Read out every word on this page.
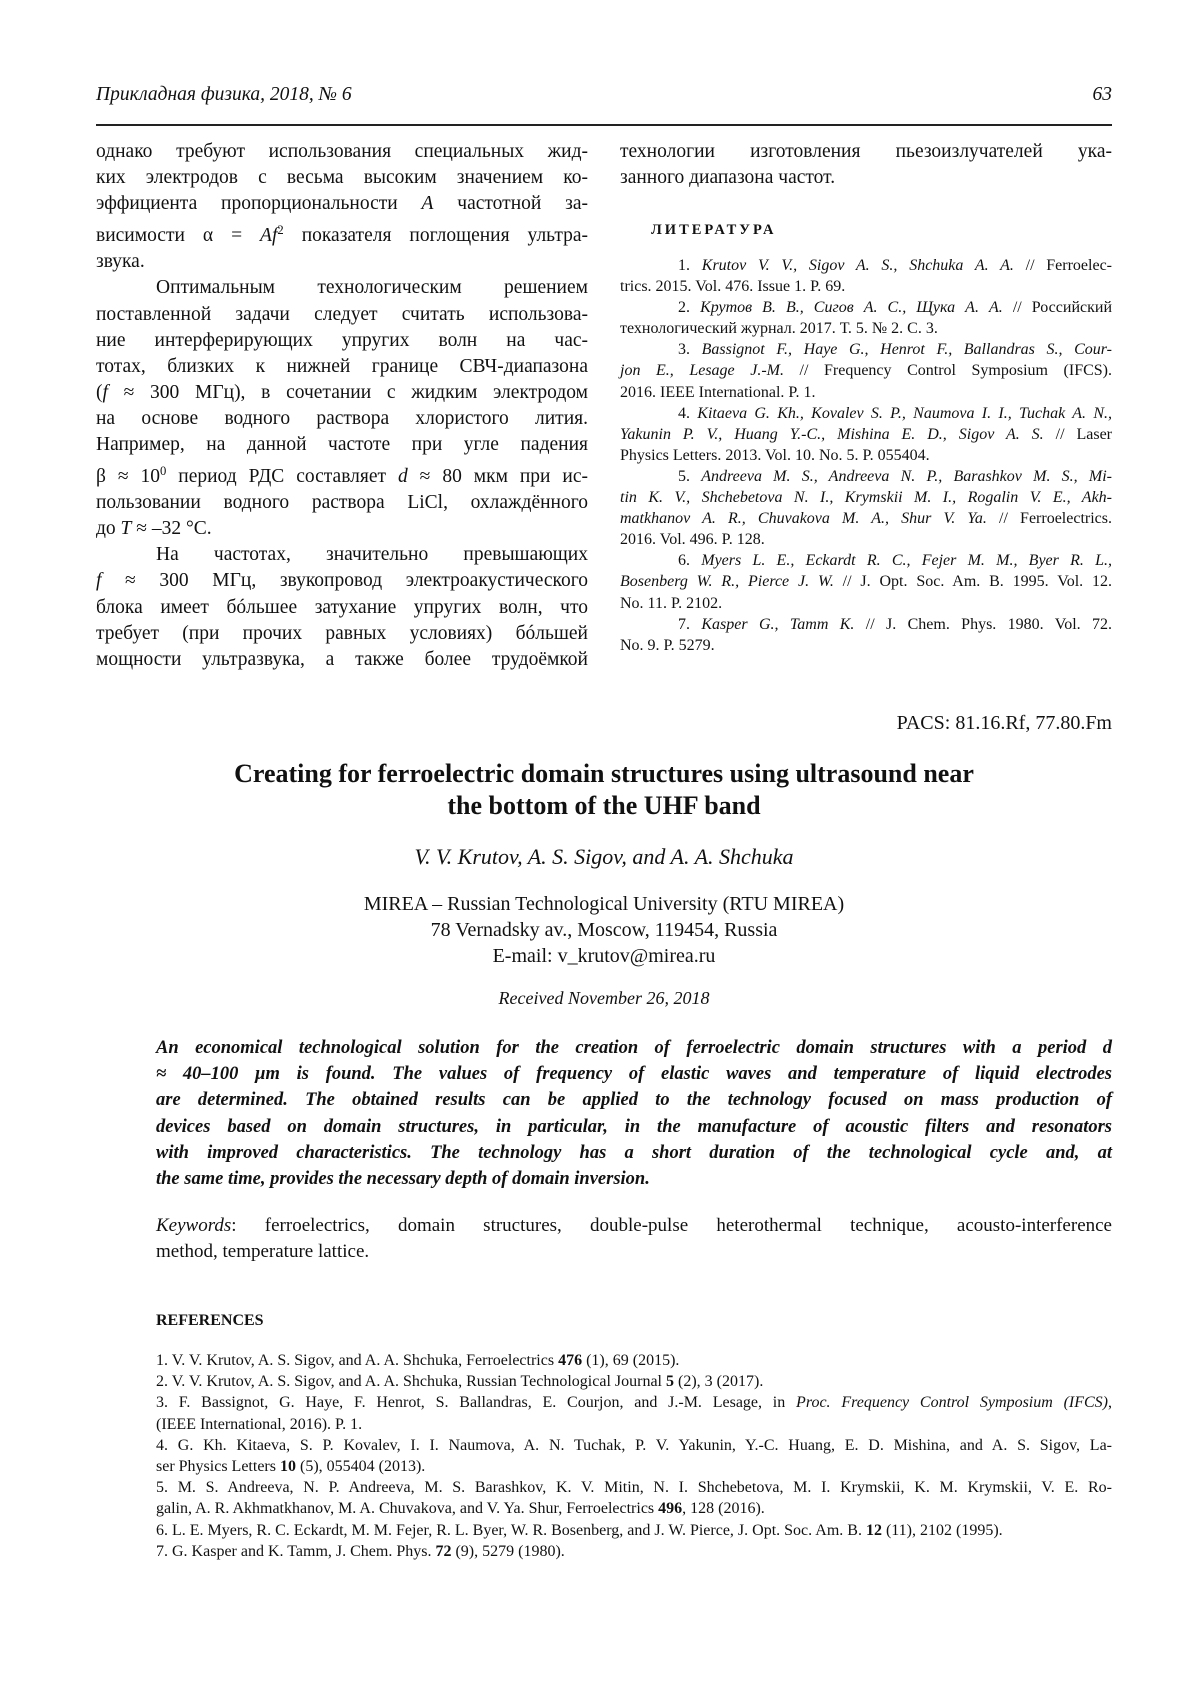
Прикладная физика, 2018, № 6	63
однако требуют использования специальных жид-
ких электродов с весьма высоким значением ко-
эффициента пропорциональности A частотной за-
висимости α = Af2 показателя поглощения ультра-
звука.
Оптимальным технологическим решением
поставленной задачи следует считать использова-
ние интерферирующих упругих волн на час-
тотах, близких к нижней границе СВЧ-диапазона
(f ≈ 300 МГц), в сочетании с жидким электродом
на основе водного раствора хлористого лития.
Например, на данной частоте при угле падения
β ≈ 100 период РДС составляет d ≈ 80 мкм при ис-
пользовании водного раствора LiCl, охлаждённого
до T ≈ –32 °C.
На частотах, значительно превышающих
f ≈ 300 МГц, звукопровод электроакустического
блока имеет бóльшее затухание упругих волн, что
требует (при прочих равных условиях) бóльшей
мощности ультразвука, а также более трудоёмкой
технологии изготовления пьезоизлучателей ука-
занного диапазона частот.
ЛИТЕРАТУРА
1. Krutov V. V., Sigov A. S., Shchuka A. A. // Ferroelec-
trics. 2015. Vol. 476. Issue 1. P. 69.
2. Крутов В. В., Сигов А. С., Щука А. А. // Российский
технологический журнал. 2017. Т. 5. № 2. С. 3.
3. Bassignot F., Haye G., Henrot F., Ballandras S., Cour-
jon E., Lesage J.-M. // Frequency Control Symposium (IFCS).
2016. IEEE International. P. 1.
4. Kitaeva G. Kh., Kovalev S. P., Naumova I. I., Tuchak A. N.,
Yakunin P. V., Huang Y.-C., Mishina E. D., Sigov A. S. // Laser
Physics Letters. 2013. Vol. 10. No. 5. P. 055404.
5. Andreeva M. S., Andreeva N. P., Barashkov M. S., Mi-
tin K. V., Shchebetova N. I., Krymskii M. I., Rogalin V. E., Akh-
matkhanov A. R., Chuvakova M. A., Shur V. Ya. // Ferroelectrics.
2016. Vol. 496. P. 128.
6. Myers L. E., Eckardt R. C., Fejer M. M., Byer R. L.,
Bosenberg W. R., Pierce J. W. // J. Opt. Soc. Am. B. 1995. Vol. 12.
No. 11. P. 2102.
7. Kasper G., Tamm K. // J. Chem. Phys. 1980. Vol. 72.
No. 9. P. 5279.
PACS: 81.16.Rf, 77.80.Fm
Creating for ferroelectric domain structures using ultrasound near
the bottom of the UHF band
V. V. Krutov, A. S. Sigov, and A. A. Shchuka
MIREA – Russian Technological University (RTU MIREA)
78 Vernadsky av., Moscow, 119454, Russia
E-mail: v_krutov@mirea.ru
Received November 26, 2018
An economical technological solution for the creation of ferroelectric domain structures with a period d
≈ 40–100 μm is found. The values of frequency of elastic waves and temperature of liquid electrodes
are determined. The obtained results can be applied to the technology focused on mass production of
devices based on domain structures, in particular, in the manufacture of acoustic filters and resonators
with improved characteristics. The technology has a short duration of the technological cycle and, at
the same time, provides the necessary depth of domain inversion.
Keywords: ferroelectrics, domain structures, double-pulse heterothermal technique, acousto-interference
method, temperature lattice.
REFERENCES
1. V. V. Krutov, A. S. Sigov, and A. A. Shchuka, Ferroelectrics 476 (1), 69 (2015).
2. V. V. Krutov, A. S. Sigov, and A. A. Shchuka, Russian Technological Journal 5 (2), 3 (2017).
3. F. Bassignot, G. Haye, F. Henrot, S. Ballandras, E. Courjon, and J.-M. Lesage, in Proc. Frequency Control Symposium (IFCS),
(IEEE International, 2016). P. 1.
4. G. Kh. Kitaeva, S. P. Kovalev, I. I. Naumova, A. N. Tuchak, P. V. Yakunin, Y.-C. Huang, E. D. Mishina, and A. S. Sigov, La-
ser Physics Letters 10 (5), 055404 (2013).
5. M. S. Andreeva, N. P. Andreeva, M. S. Barashkov, K. V. Mitin, N. I. Shchebetova, M. I. Krymskii, K. M. Krymskii, V. E. Ro-
galin, A. R. Akhmatkhanov, M. A. Chuvakova, and V. Ya. Shur, Ferroelectrics 496, 128 (2016).
6. L. E. Myers, R. C. Eckardt, M. M. Fejer, R. L. Byer, W. R. Bosenberg, and J. W. Pierce, J. Opt. Soc. Am. B. 12 (11), 2102 (1995).
7. G. Kasper and K. Tamm, J. Chem. Phys. 72 (9), 5279 (1980).
